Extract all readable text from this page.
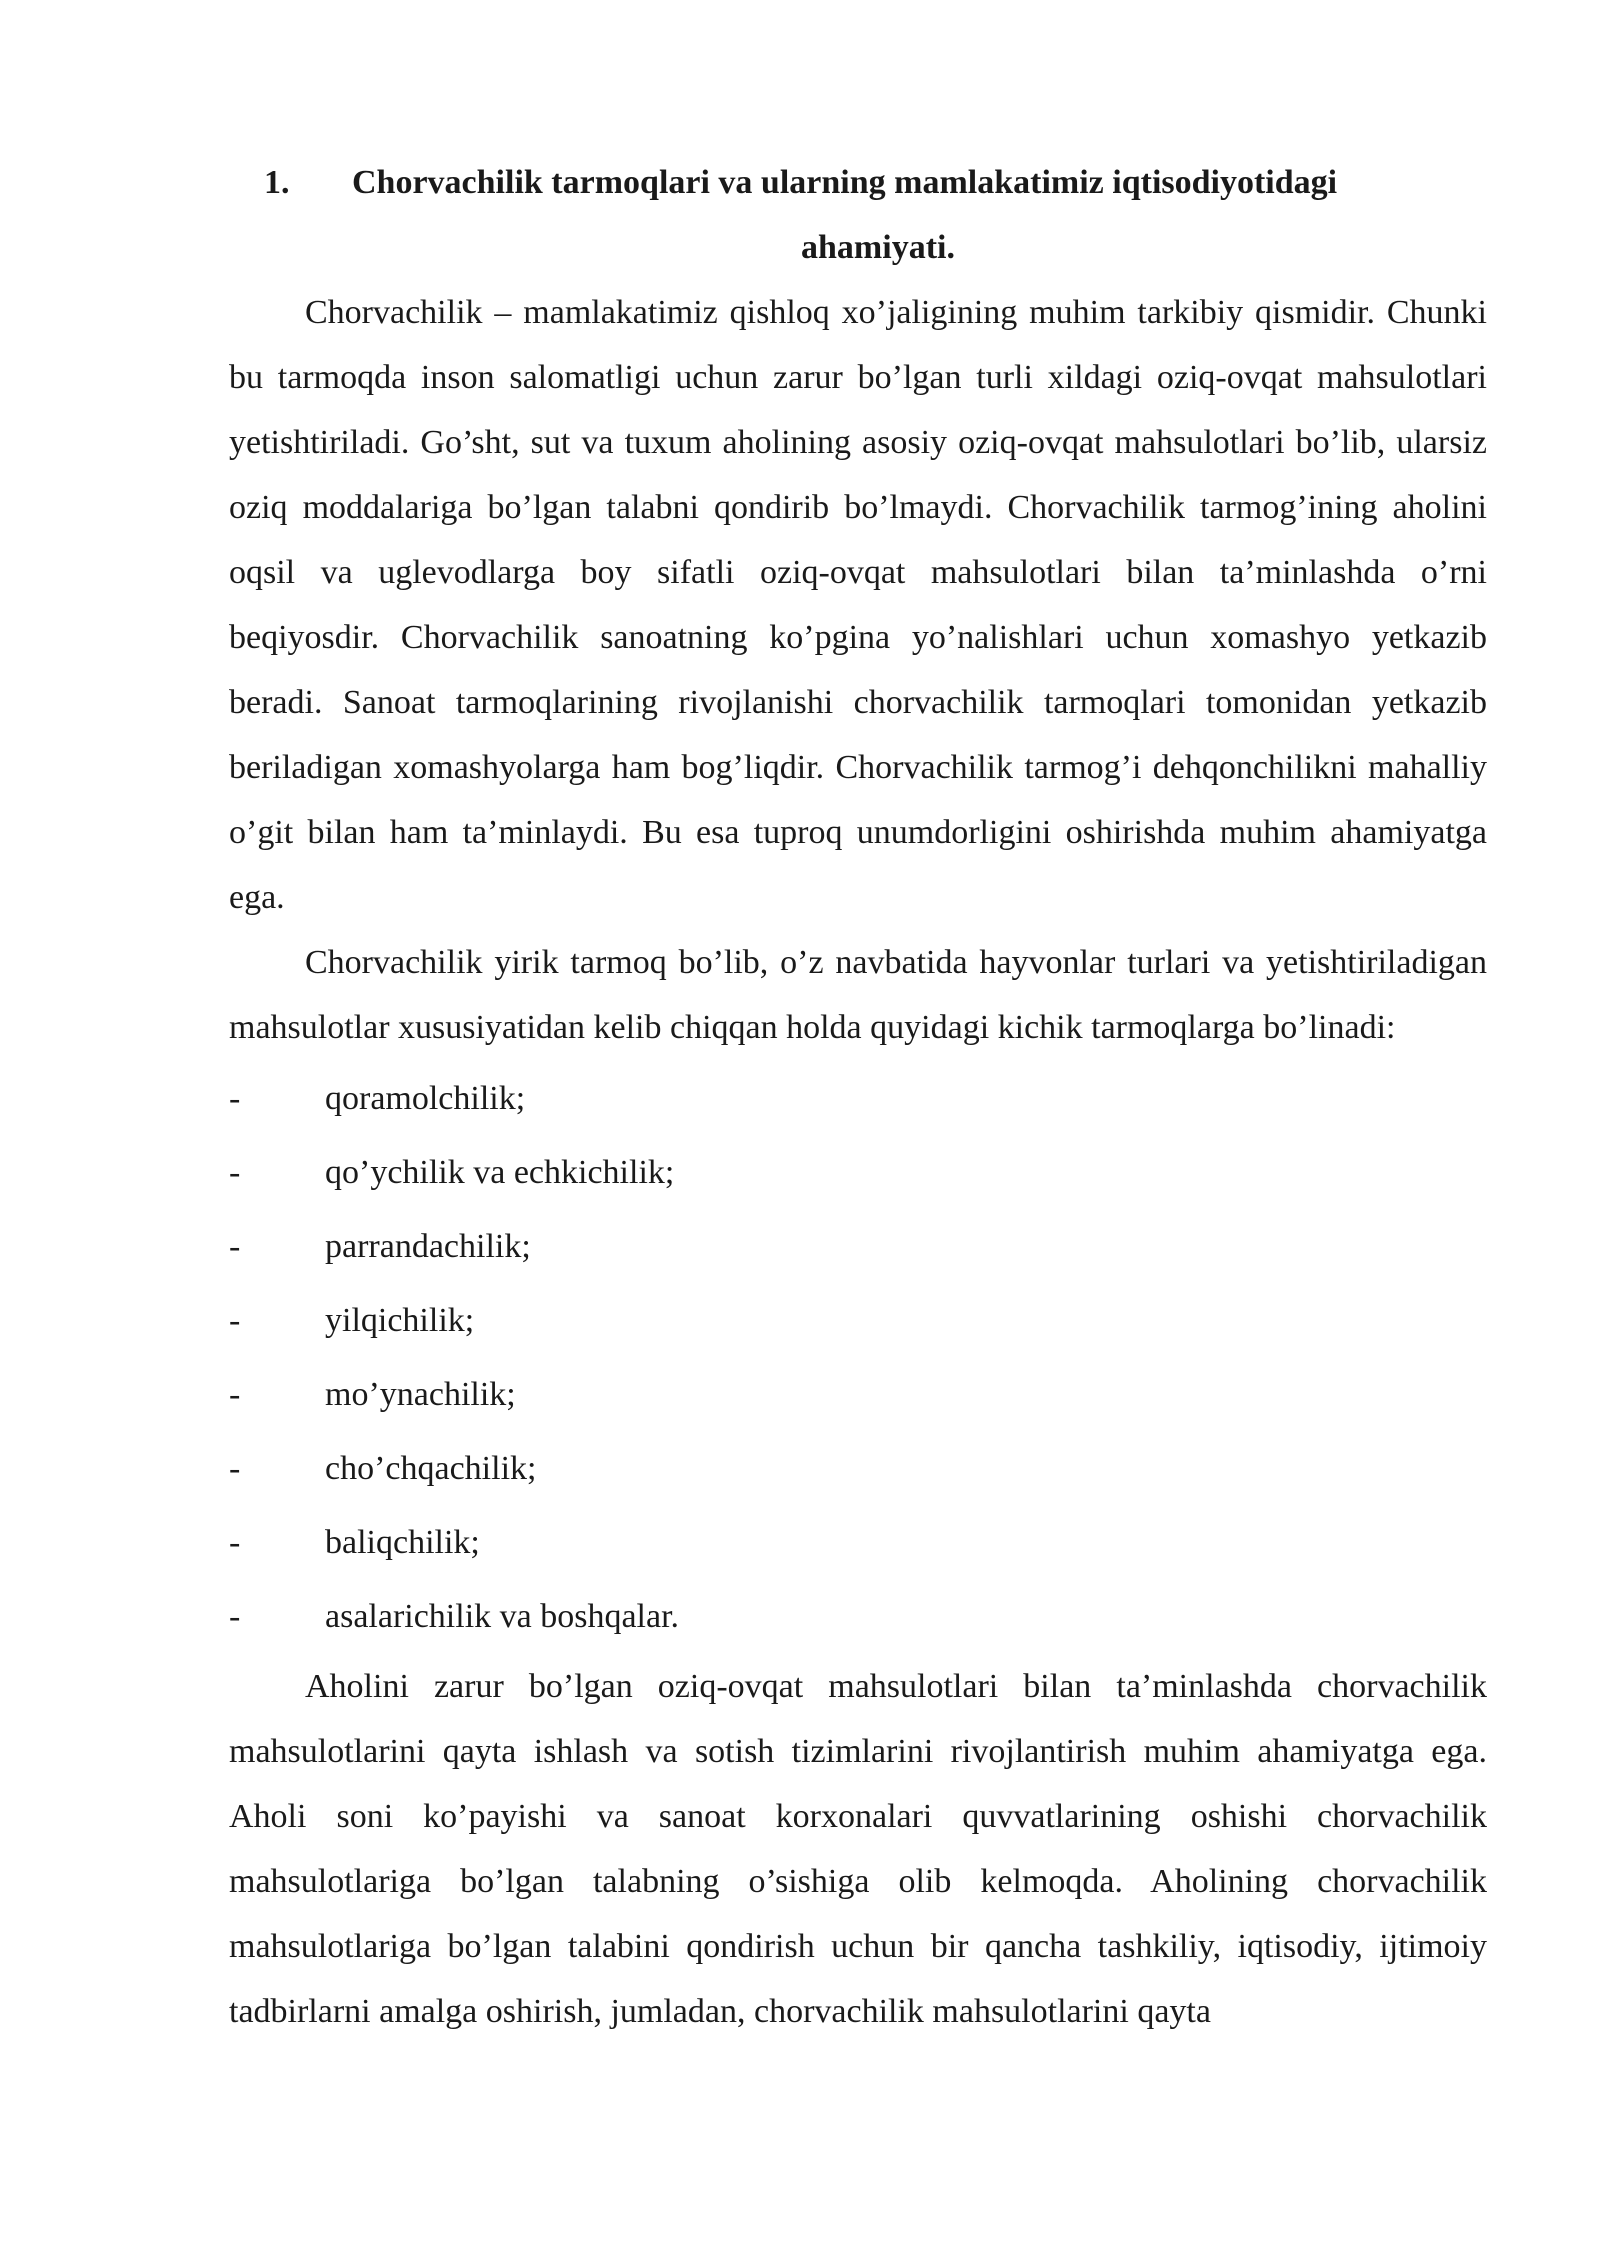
1. Chorvachilik tarmoqlari va ularning mamlakatimiz iqtisodiyotidagi
ahamiyati.

Chorvachilik – mamlakatimiz qishloq xo’jaligining muhim tarkibiy qismidir. Chunki bu tarmoqda inson salomatligi uchun zarur bo’lgan turli xildagi oziq-ovqat mahsulotlari yetishtiriladi. Go’sht, sut va tuxum aholining asosiy oziq-ovqat mahsulotlari bo’lib, ularsiz oziq moddalariga bo’lgan talabni qondirib bo’lmaydi. Chorvachilik tarmog’ining aholini oqsil va uglevodlarga boy sifatli oziq-ovqat mahsulotlari bilan ta’minlashda o’rni beqiyosdir. Chorvachilik sanoatning ko’pgina yo’nalishlari uchun xomashyo yetkazib beradi. Sanoat tarmoqlarining rivojlanishi chorvachilik tarmoqlari tomonidan yetkazib beriladigan xomashyolarga ham bog’liqdir. Chorvachilik tarmog’i dehqonchilikni mahalliy o’git bilan ham ta’minlaydi. Bu esa tuproq unumdorligini oshirishda muhim ahamiyatga ega.

Chorvachilik yirik tarmoq bo’lib, o’z navbatida hayvonlar turlari va yetishtiriladigan mahsulotlar xususiyatidan kelib chiqqan holda quyidagi kichik tarmoqlarga bo’linadi:

-	qoramolchilik;
-	qo’ychilik va echkichilik;
-	parrandachilik;
-	yilqichilik;
-	mo’ynachilik;
-	cho’chqachilik;
-	baliqchilik;
-	asalarichilik va boshqalar.

Aholini zarur bo’lgan oziq-ovqat mahsulotlari bilan ta’minlashda chorvachilik mahsulotlarini qayta ishlash va sotish tizimlarini rivojlantirish muhim ahamiyatga ega. Aholi soni ko’payishi va sanoat korxonalari quvvatlarining oshishi chorvachilik mahsulotlariga bo’lgan talabning o’sishiga olib kelmoqda. Aholining chorvachilik mahsulotlariga bo’lgan talabini qondirish uchun bir qancha tashkiliy, iqtisodiy, ijtimoiy tadbirlarni amalga oshirish, jumladan, chorvachilik mahsulotlarini qayta
